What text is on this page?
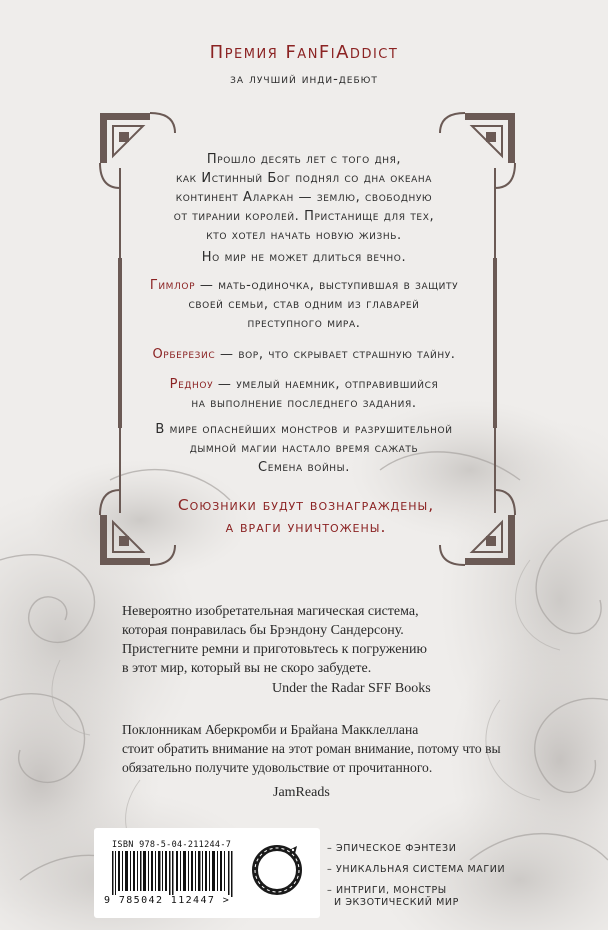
Премия FanFiAddict
за лучший инди-дебют
Прошло десять лет с того дня,
как Истинный Бог поднял со дна океана
континент Аларкан — землю, свободную
от тирании королей. Пристанище для тех,
кто хотел начать новую жизнь.
Но мир не может длиться вечно.
Гимлор — мать-одиночка, выступившая в защиту
своей семьи, став одним из главарей
преступного мира.
Орберезис — вор, что скрывает страшную тайну.
Редноу — умелый наемник, отправившийся
на выполнение последнего задания.
В мире опаснейших монстров и разрушительной
дымной магии настало время сажать
Семена войны.
Союзники будут вознаграждены,
а враги уничтожены.
Невероятно изобретательная магическая система,
которая понравилась бы Брэндону Сандерсону.
Пристегните ремни и приготовьтесь к погружению
в этот мир, который вы не скоро забудете.
Under the Radar SFF Books
Поклонникам Аберкромби и Брайана Макклеллана
стоит обратить внимание на этот роман внимание, потому что вы
обязательно получите удовольствие от прочитанного.
JamReads
ISBN 978-5-04-211244-7
9 785042 112447 >
– ЭПИЧЕСКОЕ ФЭНТЕЗИ
– УНИКАЛЬНАЯ СИСТЕМА МАГИИ
– ИНТРИГИ, МОНСТРЫ
И ЭКЗОТИЧЕСКИЙ МИР
